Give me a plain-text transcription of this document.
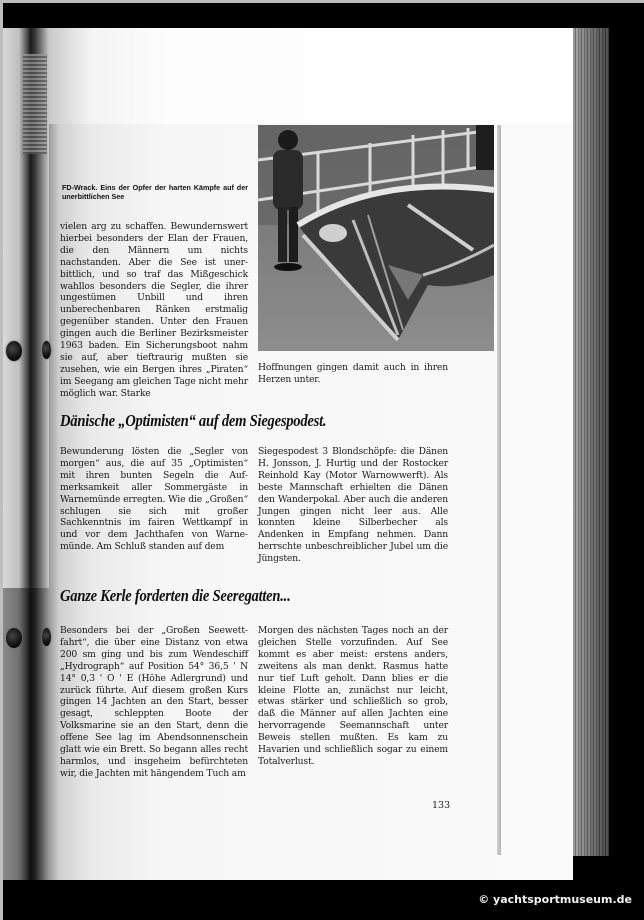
FD-Wrack. Eins der Opfer der harten Kämpfe auf der unerbittlichen See

vielen arg zu schaffen. Bewundernswert hierbei besonders der Elan der Frauen, die den Männern um nichts nachstanden. Aber die See ist unerbittlich, und so traf das Mißgeschick wahllos besonders die Segler, die ihrer ungestümen Unbill und ihren unberechenbaren Ränken erstmalig gegenüber standen. Unter den Frauen gingen auch die Berliner Bezirksmeister 1963 baden. Ein Sicherungsboot nahm sie auf, aber tieftraurig mußten sie zusehen, wie ein Bergen ihres „Piraten“ im Seegang am gleichen Tage nicht mehr möglich war. Starke

Hoffnungen gingen damit auch in ihren Herzen unter.

Dänische „Optimisten“ auf dem Siegespodest.

Bewunderung lösten die „Segler von morgen“ aus, die auf 35 „Optimisten“ mit ihren bunten Segeln die Aufmerksamkeit aller Sommergäste in Warnemünde erregten. Wie die „Großen“ schlugen sie sich mit großer Sachkenntnis im fairen Wettkampf in und vor dem Jachthafen von Warnemünde. Am Schluß standen auf dem

Siegespodest 3 Blondschöpfe: die Dänen H. Jonsson, J. Hurtig und der Rostocker Reinhold Kay (Motor Warnowwerft). Als beste Mannschaft erhielten die Dänen den Wanderpokal. Aber auch die anderen Jungen gingen nicht leer aus. Alle konnten kleine Silberbecher als Andenken in Empfang nehmen. Dann herrschte unbeschreiblicher Jubel um die Jüngsten.

Ganze Kerle forderten die Seeregatten...

Besonders bei der „Großen Seewettfahrt“, die über eine Distanz von etwa 200 sm ging und bis zum Wendeschiff „Hydrograph“ auf Position 54° 36,5 ' N 14° 0,3 ' O ' E (Höhe Adlergrund) und zurück führte. Auf diesem großen Kurs gingen 14 Jachten an den Start, besser gesagt, schleppten Boote der Volksmarine sie an den Start, denn die offene See lag im Abendsonnenschein glatt wie ein Brett. So begann alles recht harmlos, und insgeheim befürchteten wir, die Jachten mit hängendem Tuch am

Morgen des nächsten Tages noch an der gleichen Stelle vorzufinden. Auf See kommt es aber meist: erstens anders, zweitens als man denkt. Rasmus hatte nur tief Luft geholt. Dann blies er die kleine Flotte an, zunächst nur leicht, etwas stärker und schließlich so grob, daß die Männer auf allen Jachten eine hervorragende Seemannschaft unter Beweis stellen mußten. Es kam zu Havarien und schließlich sogar zu einem Totalverlust.

133
© yachtsportmuseum.de
